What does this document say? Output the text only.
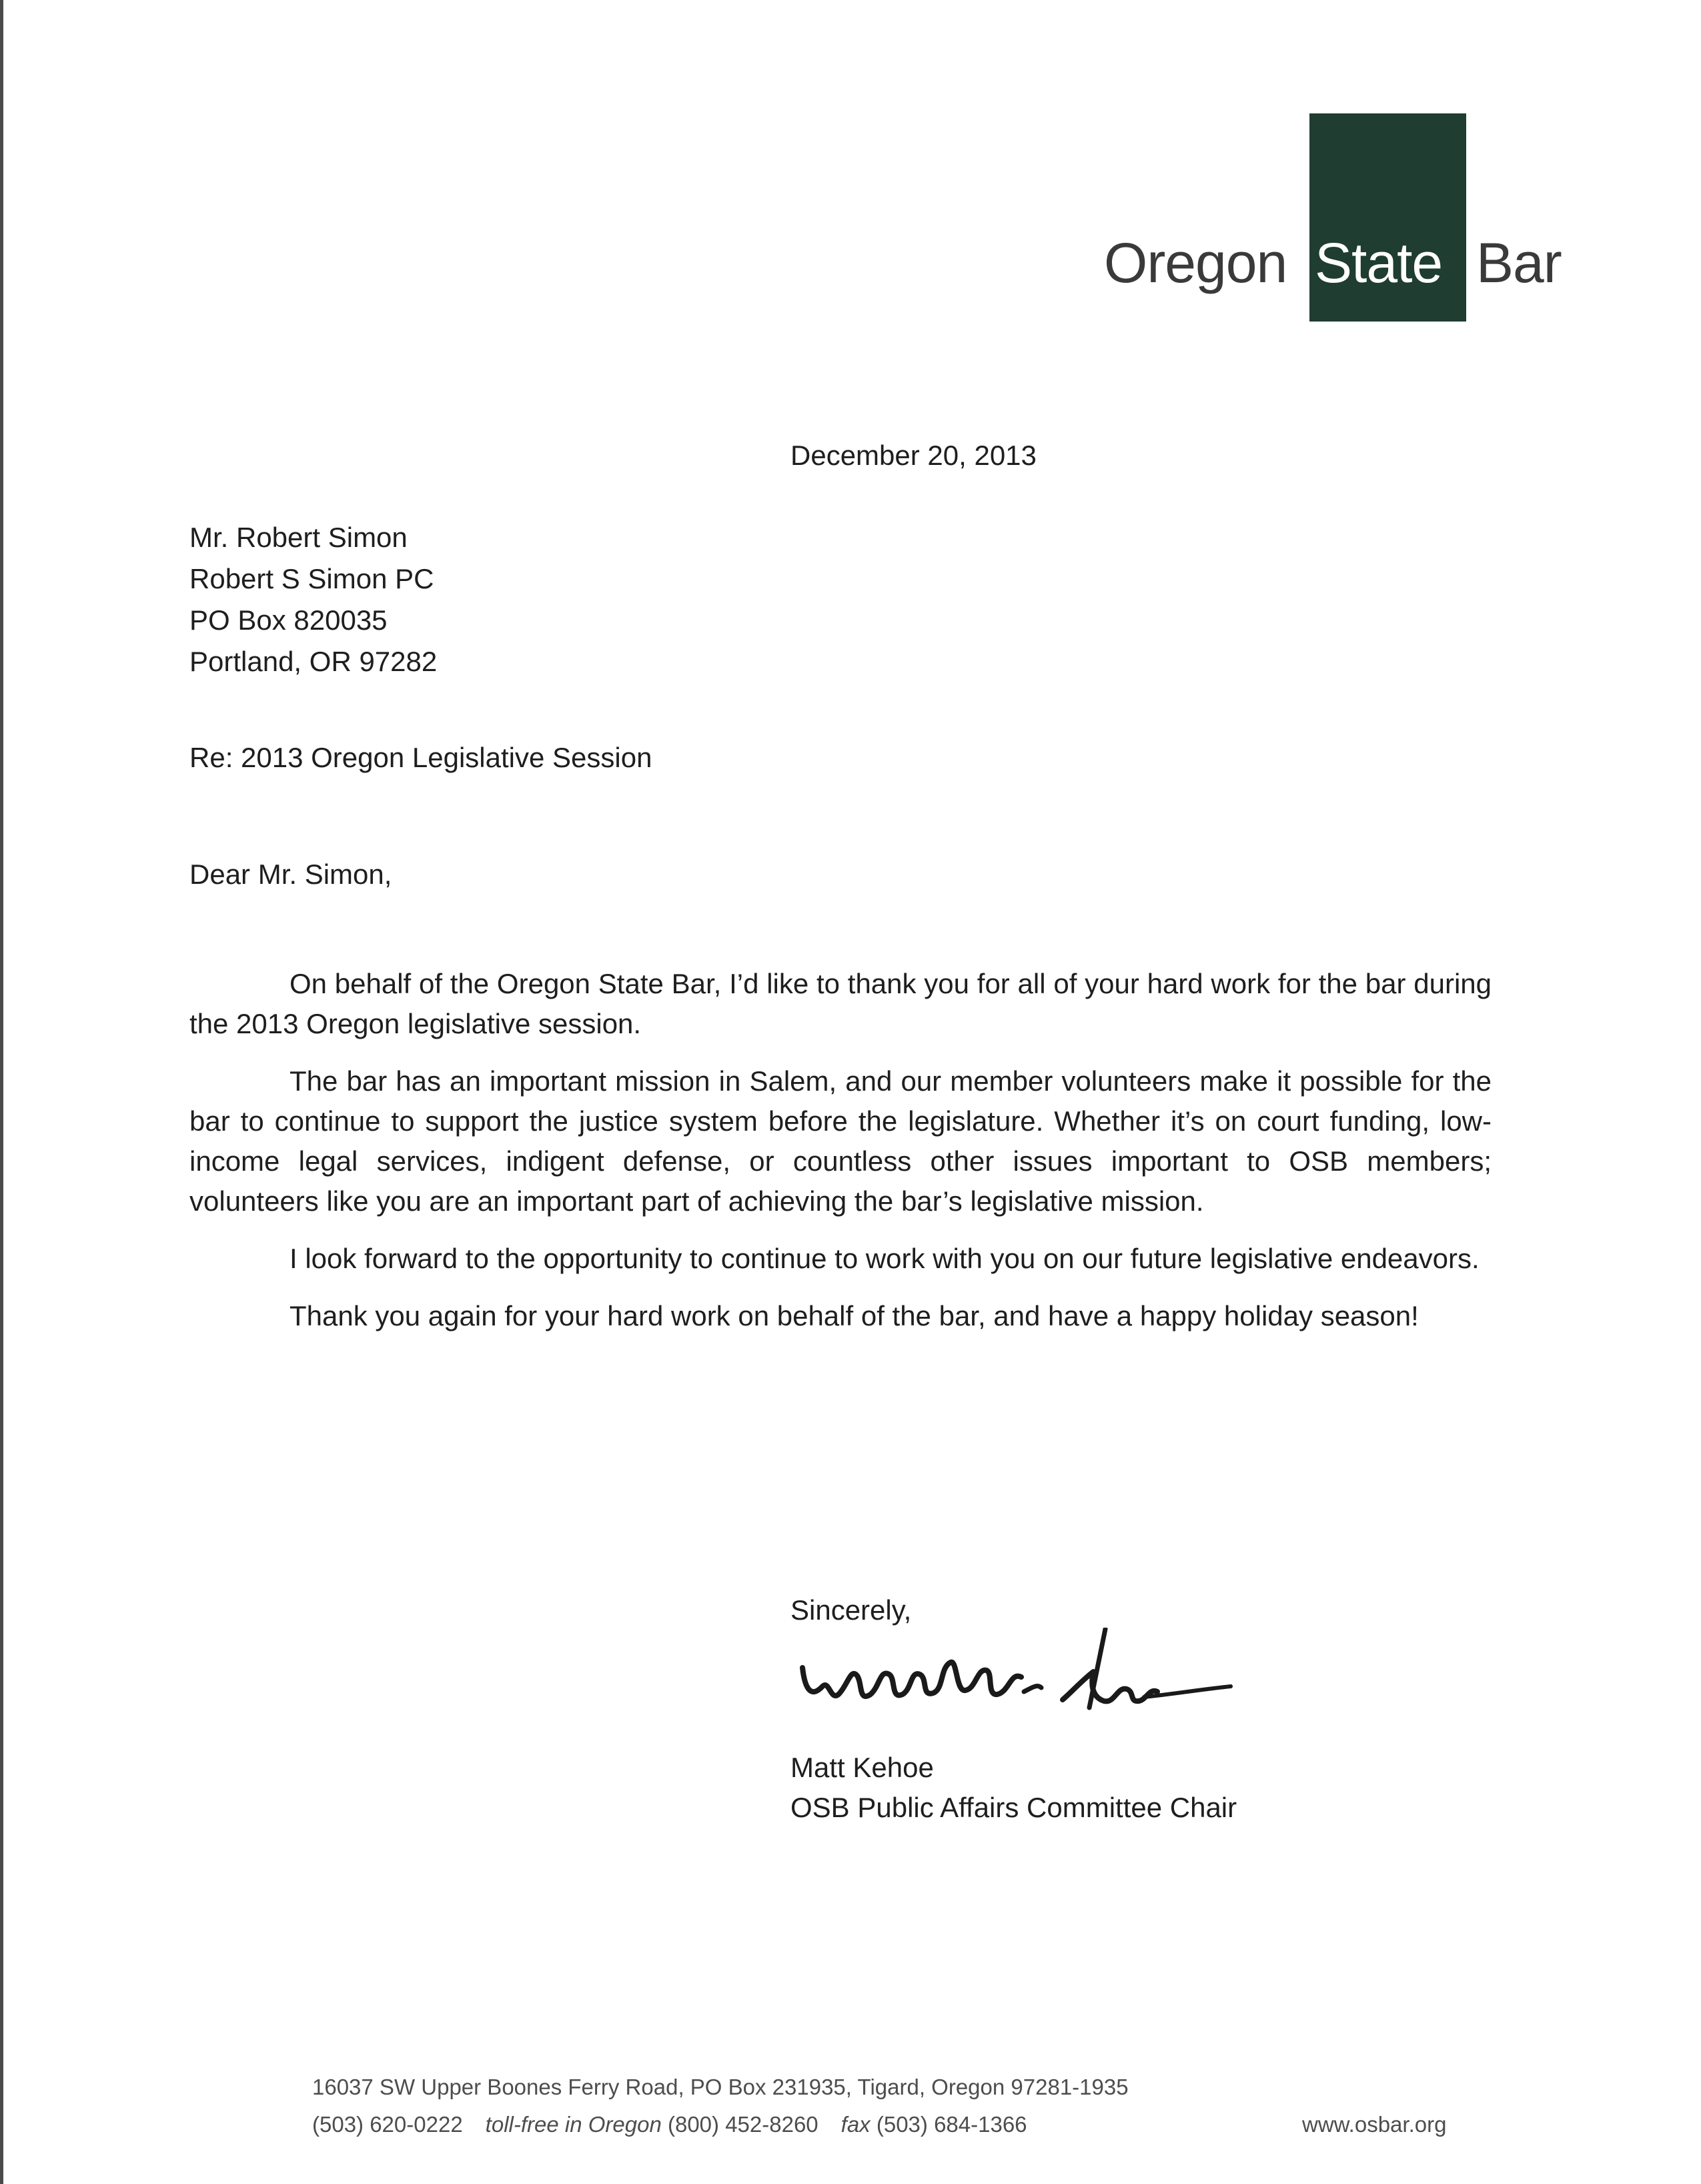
Oregon State Bar
December 20, 2013
Mr. Robert Simon
Robert S Simon PC
PO Box 820035
Portland, OR 97282
Re: 2013 Oregon Legislative Session
Dear Mr. Simon,

On behalf of the Oregon State Bar, I’d like to thank you for all of your hard work for the bar during the 2013 Oregon legislative session.

The bar has an important mission in Salem, and our member volunteers make it possible for the bar to continue to support the justice system before the legislature. Whether it’s on court funding, low-income legal services, indigent defense, or countless other issues important to OSB members; volunteers like you are an important part of achieving the bar’s legislative mission.

I look forward to the opportunity to continue to work with you on our future legislative endeavors.

Thank you again for your hard work on behalf of the bar, and have a happy holiday season!

Sincerely,
Matt Kehoe
OSB Public Affairs Committee Chair
16037 SW Upper Boones Ferry Road, PO Box 231935, Tigard, Oregon 97281-1935
(503) 620-0222 toll-free in Oregon (800) 452-8260 fax (503) 684-1366	www.osbar.org
